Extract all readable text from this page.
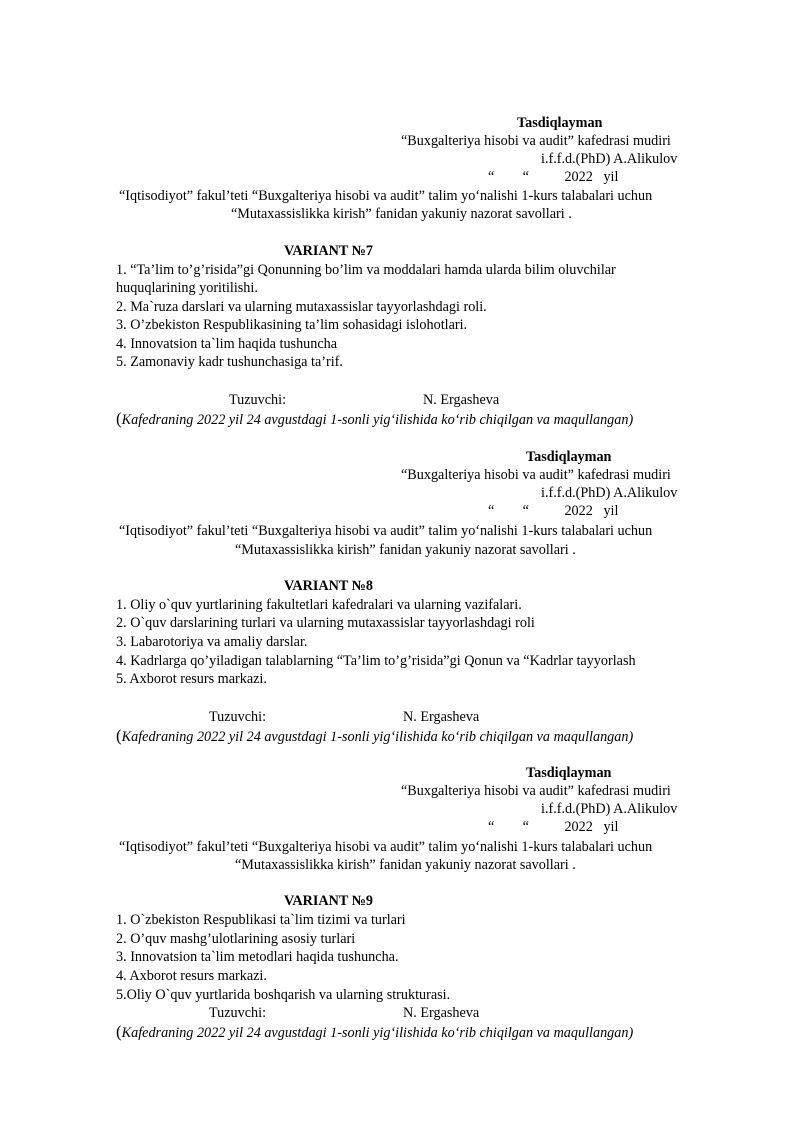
Tasdiqlayman
“Buxgalteriya hisobi va audit” kafedrasi mudiri
i.f.f.d.(PhD) A.Alikulov
“        “          2022   yil
“Iqtisodiyot” fakul’teti “Buxgalteriya hisobi va audit” talim yo‘nalishi 1-kurs talabalari uchun
“Mutaxassislikka kirish” fanidan yakuniy nazorat savollari .
VARIANT №7
1. “Ta’lim to’g’risida”gi Qonunning bo’lim va moddalari hamda ularda bilim oluvchilar
huquqlarining yoritilishi.
2. Ma`ruza darslari va ularning mutaxassislar tayyorlashdagi roli.
3. O’zbekiston Respublikasining ta’lim sohasidagi islohotlari.
4. Innovatsion ta`lim haqida tushuncha
5. Zamonaviy kadr tushunchasiga ta’rif.
Tuzuvchi:	N. Ergasheva
(Kafedraning 2022 yil 24 avgustdagi 1-sonli yig‘ilishida ko‘rib chiqilgan va maqullangan)
Tasdiqlayman
“Buxgalteriya hisobi va audit” kafedrasi mudiri
i.f.f.d.(PhD) A.Alikulov
“        “          2022   yil
“Iqtisodiyot” fakul’teti “Buxgalteriya hisobi va audit” talim yo‘nalishi 1-kurs talabalari uchun
“Mutaxassislikka kirish” fanidan yakuniy nazorat savollari .
VARIANT №8
1. Oliy o`quv yurtlarining fakultetlari kafedralari va ularning vazifalari.
2. O`quv darslarining turlari va ularning mutaxassislar tayyorlashdagi roli
3. Labarotoriya va amaliy darslar.
4. Kadrlarga qo’yiladigan talablarning “Ta’lim to’g’risida”gi Qonun va “Kadrlar tayyorlash
5. Axborot resurs markazi.
Tuzuvchi:	N. Ergasheva
(Kafedraning 2022 yil 24 avgustdagi 1-sonli yig‘ilishida ko‘rib chiqilgan va maqullangan)
Tasdiqlayman
“Buxgalteriya hisobi va audit” kafedrasi mudiri
i.f.f.d.(PhD) A.Alikulov
“        “          2022   yil
“Iqtisodiyot” fakul’teti “Buxgalteriya hisobi va audit” talim yo‘nalishi 1-kurs talabalari uchun
“Mutaxassislikka kirish” fanidan yakuniy nazorat savollari .
VARIANT №9
1. O`zbekiston Respublikasi ta`lim tizimi va turlari
2. O’quv mashg’ulotlarining asosiy turlari
3. Innovatsion ta`lim metodlari haqida tushuncha.
4. Axborot resurs markazi.
5.Oliy O`quv yurtlarida boshqarish va ularning strukturasi.
Tuzuvchi:	N. Ergasheva
(Kafedraning 2022 yil 24 avgustdagi 1-sonli yig‘ilishida ko‘rib chiqilgan va maqullangan)
